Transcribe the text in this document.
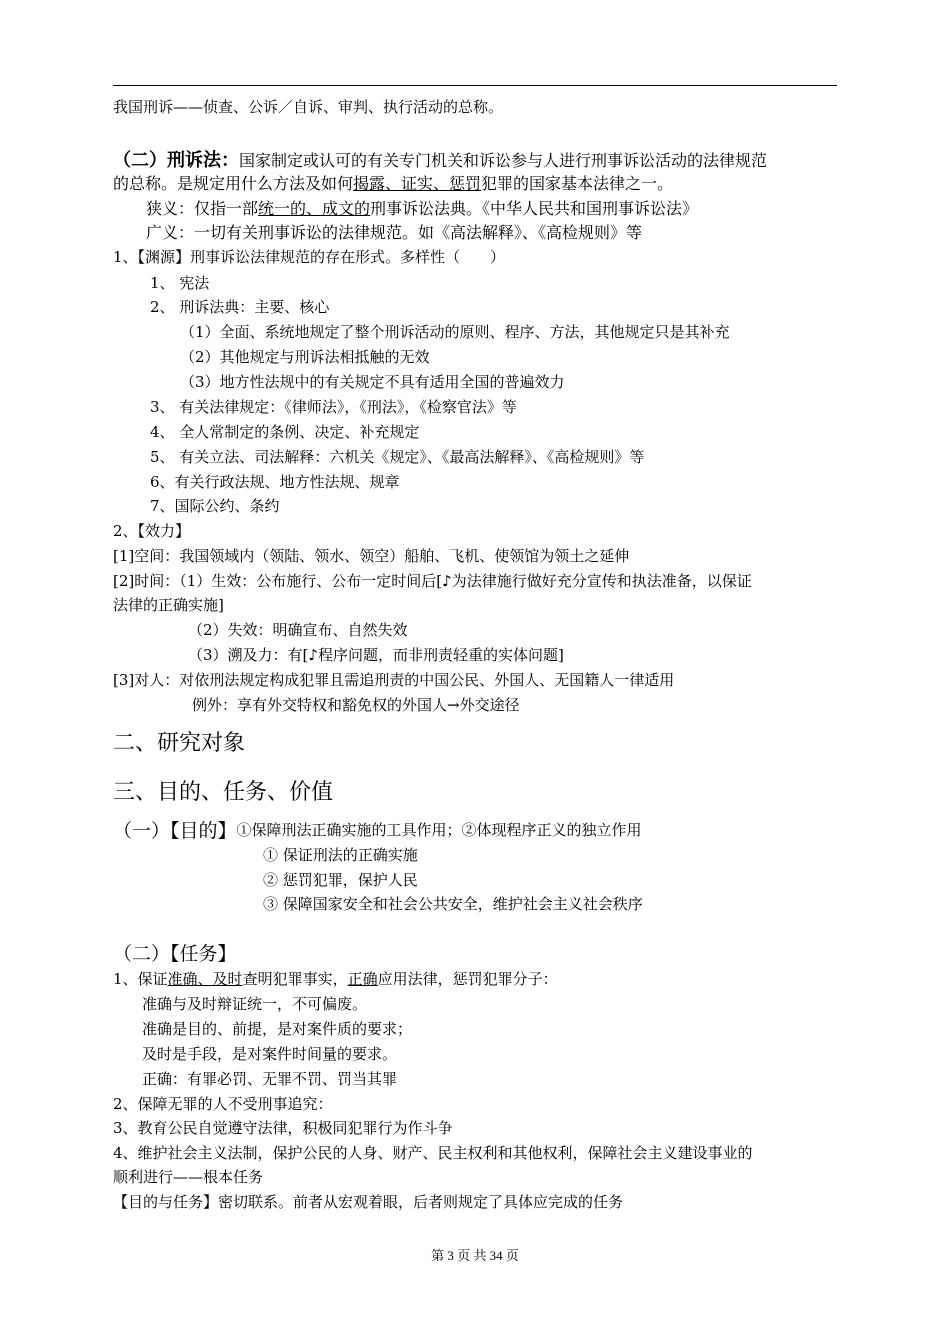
我国刑诉——侦查、公诉／自诉、审判、执行活动的总称。
（二）刑诉法：国家制定或认可的有关专门机关和诉讼参与人进行刑事诉讼活动的法律规范
的总称。是规定用什么方法及如何揭露、证实、惩罚犯罪的国家基本法律之一。
狭义：仅指一部统一的、成文的刑事诉讼法典。《中华人民共和国刑事诉讼法》
广义：一切有关刑事诉讼的法律规范。如《高法解释》、《高检规则》等
1、【渊源】刑事诉讼法律规范的存在形式。多样性（　　）
1、 宪法
2、 刑诉法典：主要、核心
（1）全面、系统地规定了整个刑诉活动的原则、程序、方法，其他规定只是其补充
（2）其他规定与刑诉法相抵触的无效
（3）地方性法规中的有关规定不具有适用全国的普遍效力
3、 有关法律规定：《律师法》，《刑法》，《检察官法》等
4、 全人常制定的条例、决定、补充规定
5、 有关立法、司法解释：六机关《规定》、《最高法解释》、《高检规则》等
6、有关行政法规、地方性法规、规章
7、国际公约、条约
2、【效力】
[1]空间：我国领域内（领陆、领水、领空）船舶、飞机、使领馆为领土之延伸
[2]时间：（1）生效：公布施行、公布一定时间后[♪为法律施行做好充分宣传和执法准备，以保证
法律的正确实施]
（2）失效：明确宣布、自然失效
（3）溯及力：有[♪程序问题，而非刑责轻重的实体问题]
[3]对人：对依刑法规定构成犯罪且需追刑责的中国公民、外国人、无国籍人一律适用
例外：享有外交特权和豁免权的外国人→外交途径
二、研究对象
三、目的、任务、价值
（一）【目的】①保障刑法正确实施的工具作用；②体现程序正义的独立作用
① 保证刑法的正确实施
② 惩罚犯罪，保护人民
③ 保障国家安全和社会公共安全，维护社会主义社会秩序
（二）【任务】
1、保证准确、及时查明犯罪事实，正确应用法律，惩罚犯罪分子：
准确与及时辩证统一，不可偏废。
准确是目的、前提，是对案件质的要求；
及时是手段，是对案件时间量的要求。
正确：有罪必罚、无罪不罚、罚当其罪
2、保障无罪的人不受刑事追究：
3、教育公民自觉遵守法律，积极同犯罪行为作斗争
4、维护社会主义法制，保护公民的人身、财产、民主权利和其他权利，保障社会主义建设事业的
顺利进行——根本任务
【目的与任务】密切联系。前者从宏观着眼，后者则规定了具体应完成的任务
第 3 页 共 34 页
